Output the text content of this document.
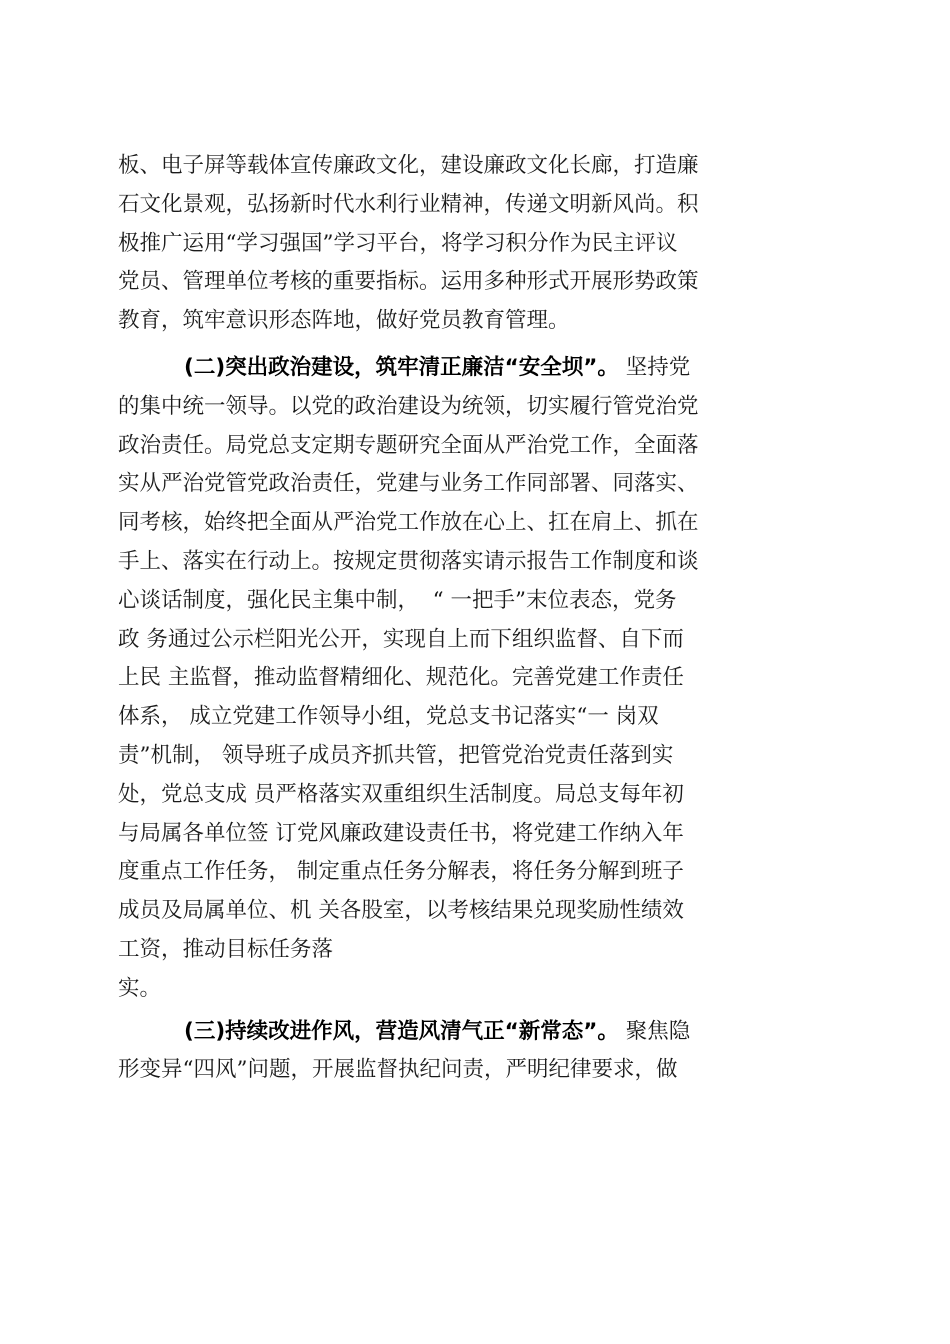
板、电子屏等载体宣传廉政文化，建设廉政文化长廊，打造廉
石文化景观，弘扬新时代水利行业精神，传递文明新风尚。积
极推广运用“学习强国”学习平台，将学习积分作为民主评议
党员、管理单位考核的重要指标。运用多种形式开展形势政策
教育，筑牢意识形态阵地，做好党员教育管理。
(二)突出政治建设，筑牢清正廉洁“安全坝”。 坚持党
的集中统一领导。以党的政治建设为统领，切实履行管党治党
政治责任。局党总支定期专题研究全面从严治党工作，全面落
实从严治党管党政治责任，党建与业务工作同部署、同落实、
同考核，始终把全面从严治党工作放在心上、扛在肩上、抓在
手上、落实在行动上。按规定贯彻落实请示报告工作制度和谈
心谈话制度，强化民主集中制，  “ 一把手”末位表态，党务
政 务通过公示栏阳光公开，实现自上而下组织监督、自下而
上民 主监督，推动监督精细化、规范化。完善党建工作责任
体系， 成立党建工作领导小组，党总支书记落实“一 岗双
责”机制， 领导班子成员齐抓共管，把管党治党责任落到实
处，党总支成 员严格落实双重组织生活制度。局总支每年初
与局属各单位签 订党风廉政建设责任书，将党建工作纳入年
度重点工作任务， 制定重点任务分解表，将任务分解到班子
成员及局属单位、机 关各股室，以考核结果兑现奖励性绩效
工资，推动目标任务落
实。
(三)持续改进作风，营造风清气正“新常态”。 聚焦隐
形变异“四风”问题，开展监督执纪问责，严明纪律要求，做
